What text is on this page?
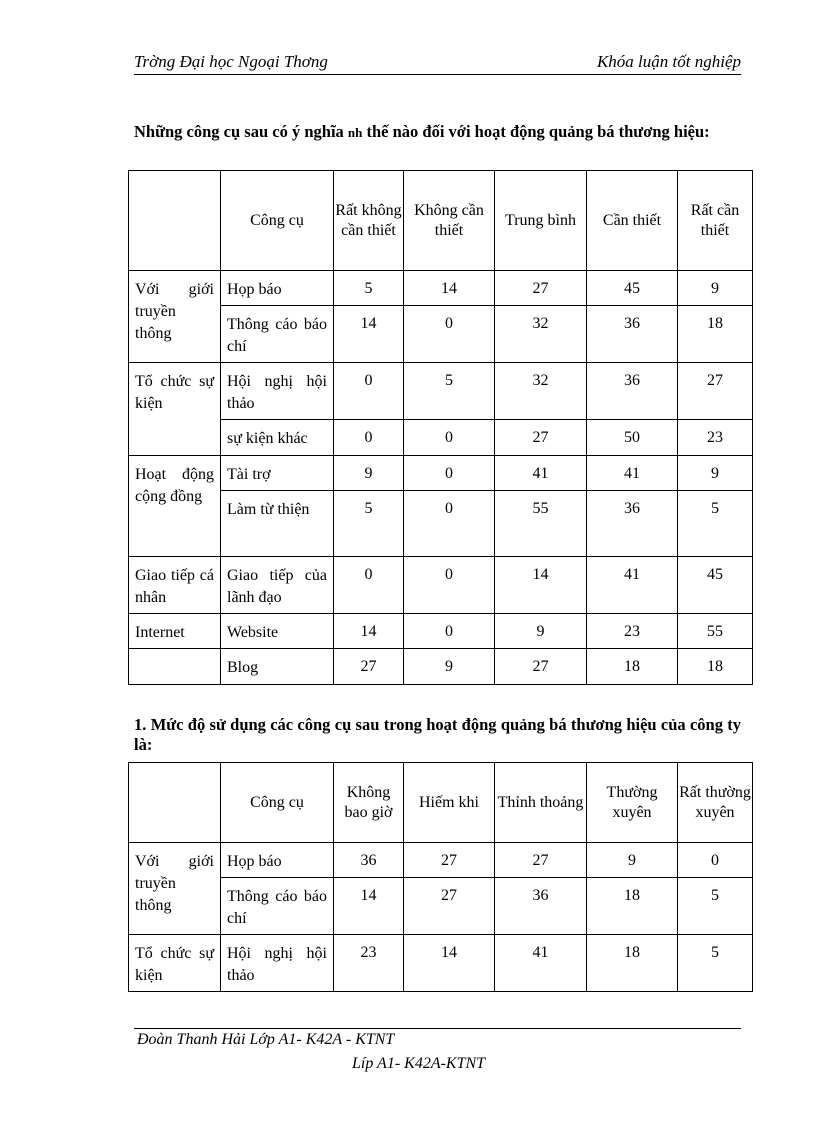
Trờng Đại học Ngoại Thơng	Khóa luận tốt nghiệp
Những công cụ sau có ý nghĩa nh thế nào đối với hoạt động quảng bá thương hiệu:
	Công cụ	Rất không cần thiết	Không cần thiết	Trung bình	Cần thiết	Rất cần thiết
Với giới truyền thông	Họp báo	5	14	27	45	9
	Thông cáo báo chí	14	0	32	36	18
Tổ chức sự kiện	Hội nghị hội thảo	0	5	32	36	27
	sự kiện khác	0	0	27	50	23
Hoạt động cộng đồng	Tài trợ	9	0	41	41	9
	Làm từ thiện	5	0	55	36	5
Giao tiếp cá nhân	Giao tiếp của lãnh đạo	0	0	14	41	45
Internet	Website	14	0	9	23	55
	Blog	27	9	27	18	18
1. Mức độ sử dụng các công cụ sau trong hoạt động quảng bá thương hiệu của công ty là:
	Công cụ	Không bao giờ	Hiếm khi	Thỉnh thoảng	Thường xuyên	Rất thường xuyên
Với giới truyền thông	Họp báo	36	27	27	9	0
	Thông cáo báo chí	14	27	36	18	5
Tổ chức sự kiện	Hội nghị hội thảo	23	14	41	18	5
Đoàn Thanh Hải Lớp A1- K42A - KTNT
Líp A1- K42A-KTNT
